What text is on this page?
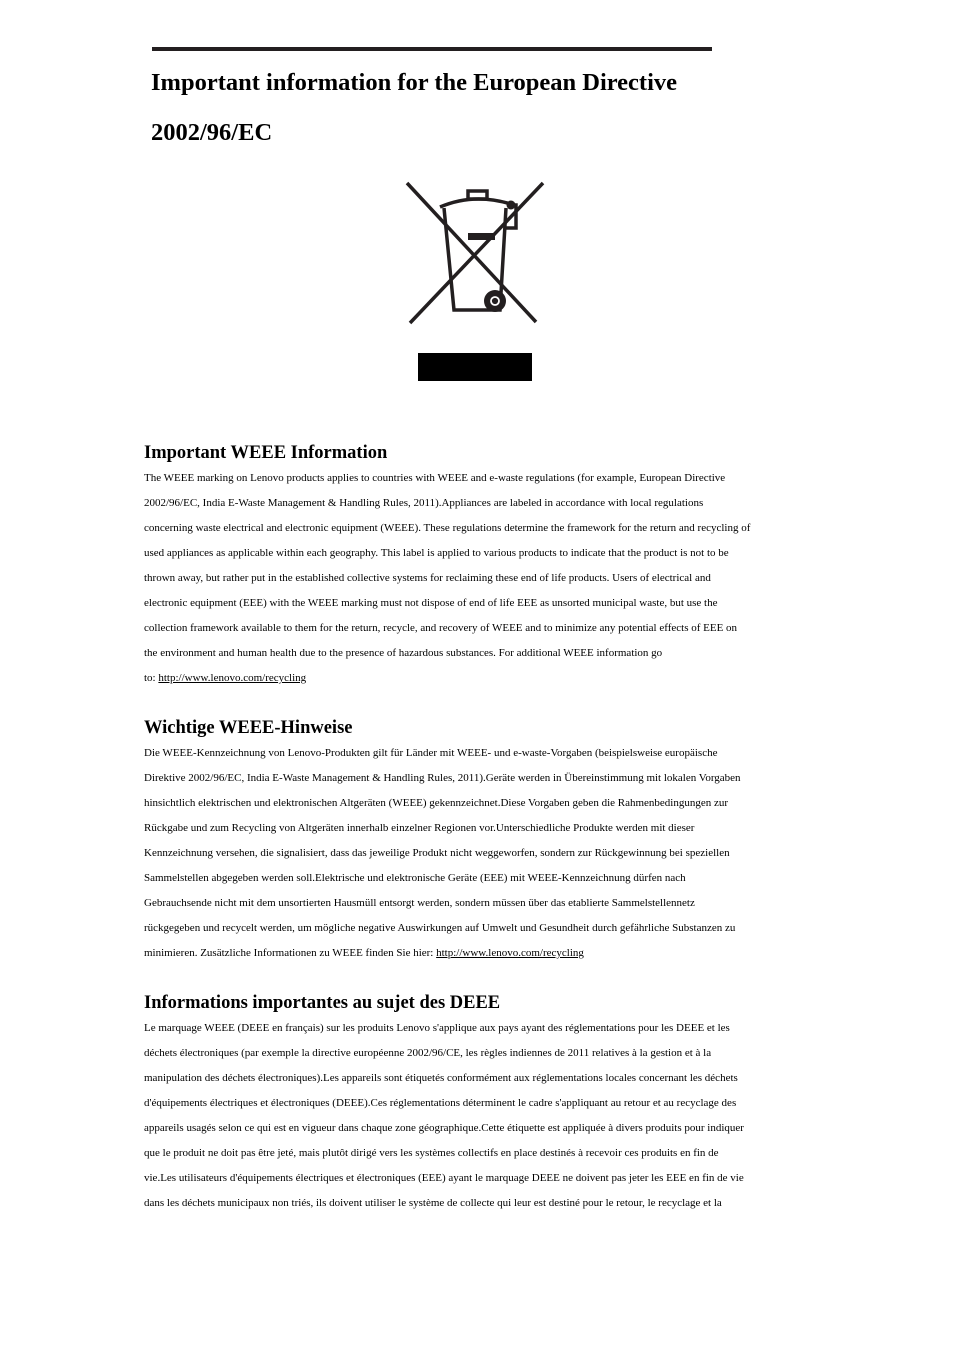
Important information for the European Directive
2002/96/EC
Important WEEE Information

The WEEE marking on Lenovo products applies to countries with WEEE and e-waste regulations (for example, European Directive
2002/96/EC, India E-Waste Management & Handling Rules, 2011).Appliances are labeled in accordance with local regulations
concerning waste electrical and electronic equipment (WEEE). These regulations determine the framework for the return and recycling of
used appliances as applicable within each geography. This label is applied to various products to indicate that the product is not to be
thrown away, but rather put in the established collective systems for reclaiming these end of life products. Users of electrical and
electronic equipment (EEE) with the WEEE marking must not dispose of end of life EEE as unsorted municipal waste, but use the
collection framework available to them for the return, recycle, and recovery of WEEE and to minimize any potential effects of EEE on
the environment and human health due to the presence of hazardous substances. For additional WEEE information go
to: http://www.lenovo.com/recycling

Wichtige WEEE-Hinweise

Die WEEE-Kennzeichnung von Lenovo-Produkten gilt für Länder mit WEEE- und e-waste-Vorgaben (beispielsweise europäische
Direktive 2002/96/EC, India E-Waste Management & Handling Rules, 2011).Geräte werden in Übereinstimmung mit lokalen Vorgaben
hinsichtlich elektrischen und elektronischen Altgeräten (WEEE) gekennzeichnet.Diese Vorgaben geben die Rahmenbedingungen zur
Rückgabe und zum Recycling von Altgeräten innerhalb einzelner Regionen vor.Unterschiedliche Produkte werden mit dieser
Kennzeichnung versehen, die signalisiert, dass das jeweilige Produkt nicht weggeworfen, sondern zur Rückgewinnung bei speziellen
Sammelstellen abgegeben werden soll.Elektrische und elektronische Geräte (EEE) mit WEEE-Kennzeichnung dürfen nach
Gebrauchsende nicht mit dem unsortierten Hausmüll entsorgt werden, sondern müssen über das etablierte Sammelstellennetz
rückgegeben und recycelt werden, um mögliche negative Auswirkungen auf Umwelt und Gesundheit durch gefährliche Substanzen zu
minimieren. Zusätzliche Informationen zu WEEE finden Sie hier: http://www.lenovo.com/recycling

Informations importantes au sujet des DEEE

Le marquage WEEE (DEEE en français) sur les produits Lenovo s'applique aux pays ayant des réglementations pour les DEEE et les
déchets électroniques (par exemple la directive européenne 2002/96/CE, les règles indiennes de 2011 relatives à la gestion et à la
manipulation des déchets électroniques).Les appareils sont étiquetés conformément aux réglementations locales concernant les déchets
d'équipements électriques et électroniques (DEEE).Ces réglementations déterminent le cadre s'appliquant au retour et au recyclage des
appareils usagés selon ce qui est en vigueur dans chaque zone géographique.Cette étiquette est appliquée à divers produits pour indiquer
que le produit ne doit pas être jeté, mais plutôt dirigé vers les systèmes collectifs en place destinés à recevoir ces produits en fin de
vie.Les utilisateurs d'équipements électriques et électroniques (EEE) ayant le marquage DEEE ne doivent pas jeter les EEE en fin de vie
dans les déchets municipaux non triés, ils doivent utiliser le système de collecte qui leur est destiné pour le retour, le recyclage et la
